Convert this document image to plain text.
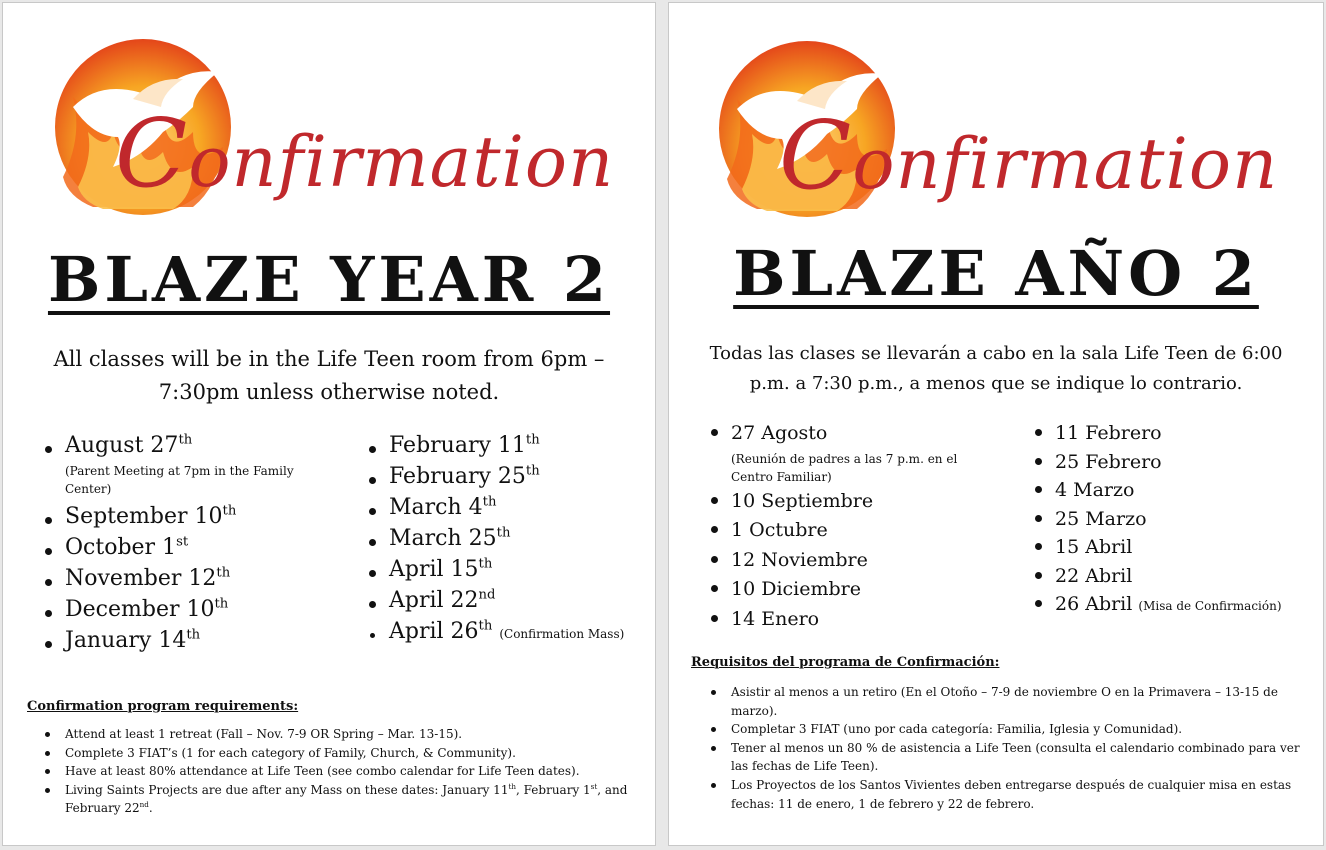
Confirmation
BLAZE YEAR 2
All classes will be in the Life Teen room from 6pm – 7:30pm unless otherwise noted.
August 27th
(Parent Meeting at 7pm in the Family Center)
September 10th
October 1st
November 12th
December 10th
January 14th
February 11th
February 25th
March 4th
March 25th
April 15th
April 22nd
April 26th (Confirmation Mass)
Confirmation program requirements:
Attend at least 1 retreat (Fall – Nov. 7-9 OR Spring – Mar. 13-15).
Complete 3 FIAT’s (1 for each category of Family, Church, & Community).
Have at least 80% attendance at Life Teen (see combo calendar for Life Teen dates).
Living Saints Projects are due after any Mass on these dates: January 11th, February 1st, and February 22nd.
Confirmation
BLAZE AÑO 2
Todas las clases se llevarán a cabo en la sala Life Teen de 6:00 p.m. a 7:30 p.m., a menos que se indique lo contrario.
27 Agosto
(Reunión de padres a las 7 p.m. en el Centro Familiar)
10 Septiembre
1 Octubre
12 Noviembre
10 Diciembre
14 Enero
11 Febrero
25 Febrero
4 Marzo
25 Marzo
15 Abril
22 Abril
26 Abril (Misa de Confirmación)
Requisitos del programa de Confirmación:
Asistir al menos a un retiro (En el Otoño – 7-9 de noviembre O en la Primavera – 13-15 de marzo).
Completar 3 FIAT (uno por cada categoría: Familia, Iglesia y Comunidad).
Tener al menos un 80 % de asistencia a Life Teen (consulta el calendario combinado para ver las fechas de Life Teen).
Los Proyectos de los Santos Vivientes deben entregarse después de cualquier misa en estas fechas: 11 de enero, 1 de febrero y 22 de febrero.
